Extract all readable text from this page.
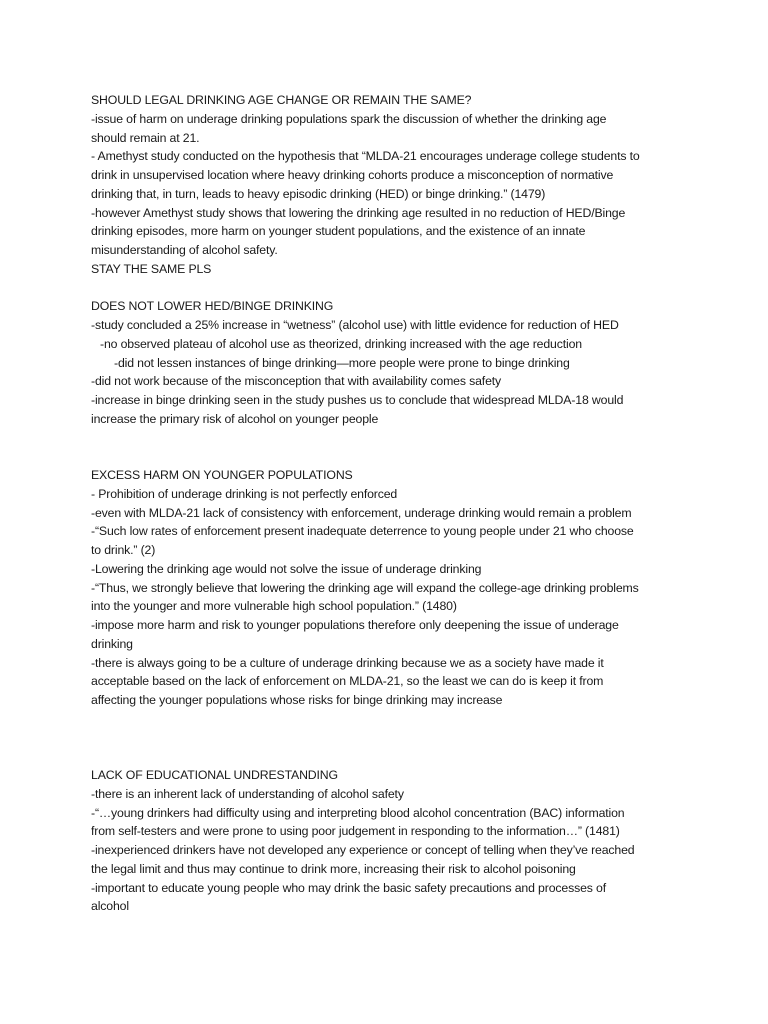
SHOULD LEGAL DRINKING AGE CHANGE OR REMAIN THE SAME?
-issue of harm on underage drinking populations spark the discussion of whether the drinking age
should remain at 21.
- Amethyst study conducted on the hypothesis that “MLDA-21 encourages underage college students to
drink in unsupervised location where heavy drinking cohorts produce a misconception of normative
drinking that, in turn, leads to heavy episodic drinking (HED) or binge drinking.” (1479)
-however Amethyst study shows that lowering the drinking age resulted in no reduction of HED/Binge
drinking episodes, more harm on younger student populations, and the existence of an innate
misunderstanding of alcohol safety.
STAY THE SAME PLS
DOES NOT LOWER HED/BINGE DRINKING
-study concluded a 25% increase in “wetness” (alcohol use) with little evidence for reduction of HED
-no observed plateau of alcohol use as theorized, drinking increased with the age reduction
-did not lessen instances of binge drinking—more people were prone to binge drinking
-did not work because of the misconception that with availability comes safety
-increase in binge drinking seen in the study pushes us to conclude that widespread MLDA-18 would
increase the primary risk of alcohol on younger people
EXCESS HARM ON YOUNGER POPULATIONS
- Prohibition of underage drinking is not perfectly enforced
-even with MLDA-21 lack of consistency with enforcement, underage drinking would remain a problem
-“Such low rates of enforcement present inadequate deterrence to young people under 21 who choose
to drink.” (2)
-Lowering the drinking age would not solve the issue of underage drinking
-“Thus, we strongly believe that lowering the drinking age will expand the college-age drinking problems
into the younger and more vulnerable high school population.” (1480)
-impose more harm and risk to younger populations therefore only deepening the issue of underage
drinking
-there is always going to be a culture of underage drinking because we as a society have made it
acceptable based on the lack of enforcement on MLDA-21, so the least we can do is keep it from
affecting the younger populations whose risks for binge drinking may increase
LACK OF EDUCATIONAL UNDRESTANDING
-there is an inherent lack of understanding of alcohol safety
-“…young drinkers had difficulty using and interpreting blood alcohol concentration (BAC) information
from self-testers and were prone to using poor judgement in responding to the information…” (1481)
-inexperienced drinkers have not developed any experience or concept of telling when they’ve reached
the legal limit and thus may continue to drink more, increasing their risk to alcohol poisoning
-important to educate young people who may drink the basic safety precautions and processes of
alcohol
